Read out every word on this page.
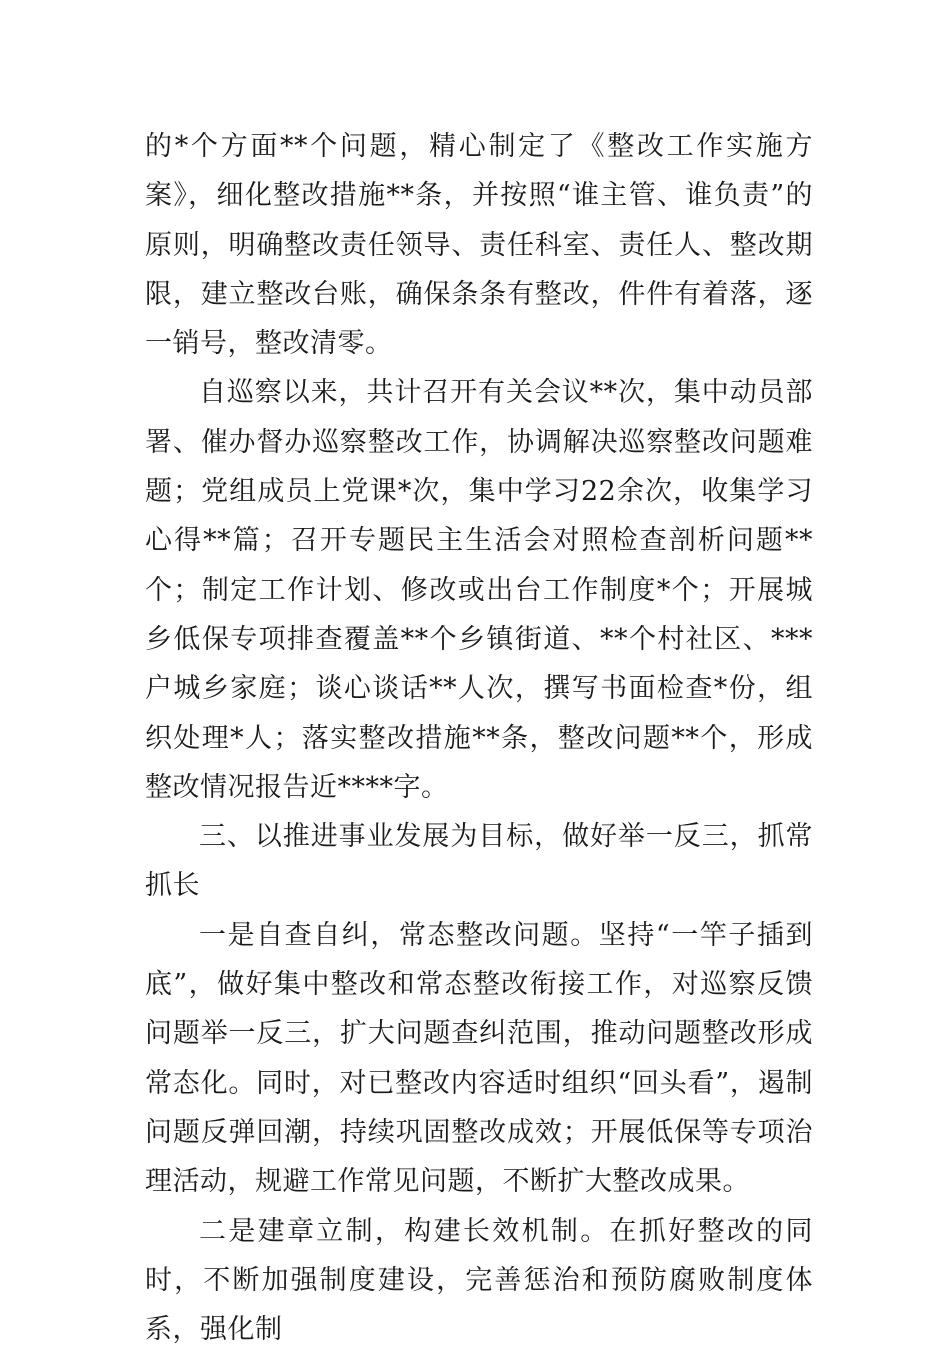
的*个方面**个问题，精心制定了《整改工作实施方案》，细化整改措施**条，并按照“谁主管、谁负责”的原则，明确整改责任领导、责任科室、责任人、整改期限，建立整改台账，确保条条有整改，件件有着落，逐一销号，整改清零。

自巡察以来，共计召开有关会议**次，集中动员部署、催办督办巡察整改工作，协调解决巡察整改问题难题；党组成员上党课*次，集中学习22余次，收集学习心得**篇；召开专题民主生活会对照检查剖析问题**个；制定工作计划、修改或出台工作制度*个；开展城乡低保专项排查覆盖**个乡镇街道、**个村社区、***户城乡家庭；谈心谈话**人次，撰写书面检查*份，组织处理*人；落实整改措施**条，整改问题**个，形成整改情况报告近****字。

三、以推进事业发展为目标，做好举一反三，抓常抓长

一是自查自纠，常态整改问题。坚持“一竿子插到底”，做好集中整改和常态整改衔接工作，对巡察反馈问题举一反三，扩大问题查纠范围，推动问题整改形成常态化。同时，对已整改内容适时组织“回头看”，遏制问题反弹回潮，持续巩固整改成效；开展低保等专项治理活动，规避工作常见问题，不断扩大整改成果。

二是建章立制，构建长效机制。在抓好整改的同时，不断加强制度建设，完善惩治和预防腐败制度体系，强化制
